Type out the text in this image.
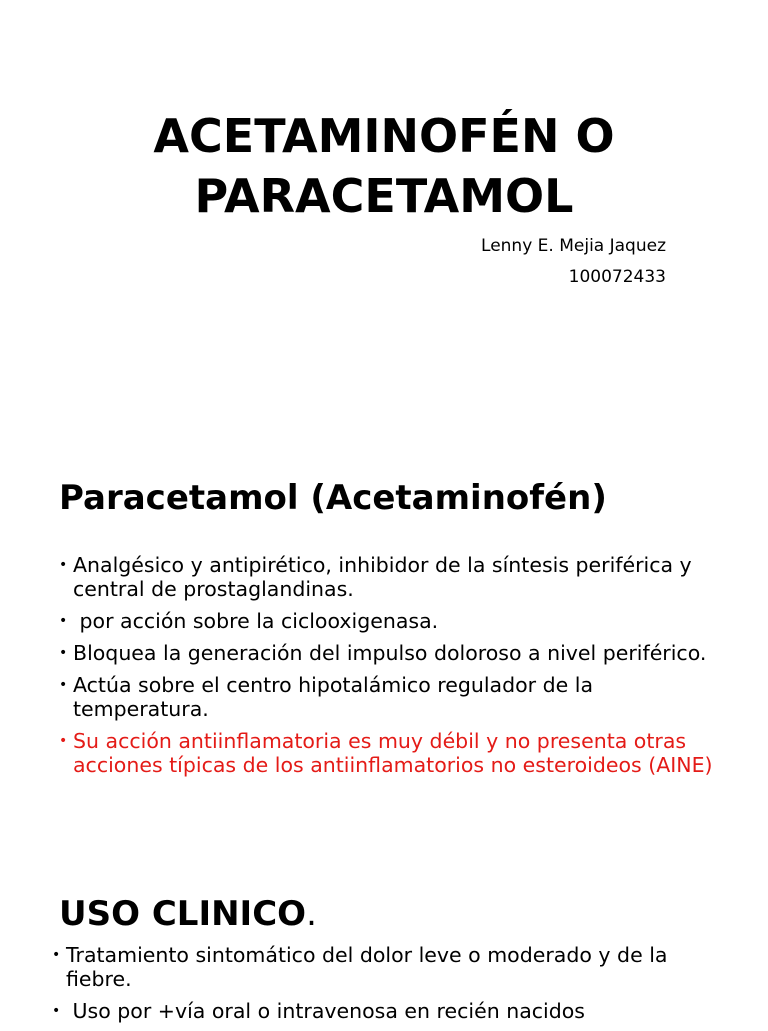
ACETAMINOFÉN O
PARACETAMOL
Lenny E. Mejia Jaquez
100072433
Paracetamol (Acetaminofén)
• Analgésico y antipirético, inhibidor de la síntesis periférica y central de prostaglandinas.
• por acción sobre la ciclooxigenasa.
• Bloquea la generación del impulso doloroso a nivel periférico.
• Actúa sobre el centro hipotalámico regulador de la temperatura.
• Su acción antiinflamatoria es muy débil y no presenta otras acciones típicas de los antiinflamatorios no esteroideos (AINE)
USO CLINICO.
• Tratamiento sintomático del dolor leve o moderado y de la fiebre.
• Uso por +vía oral o intravenosa en recién nacidos
